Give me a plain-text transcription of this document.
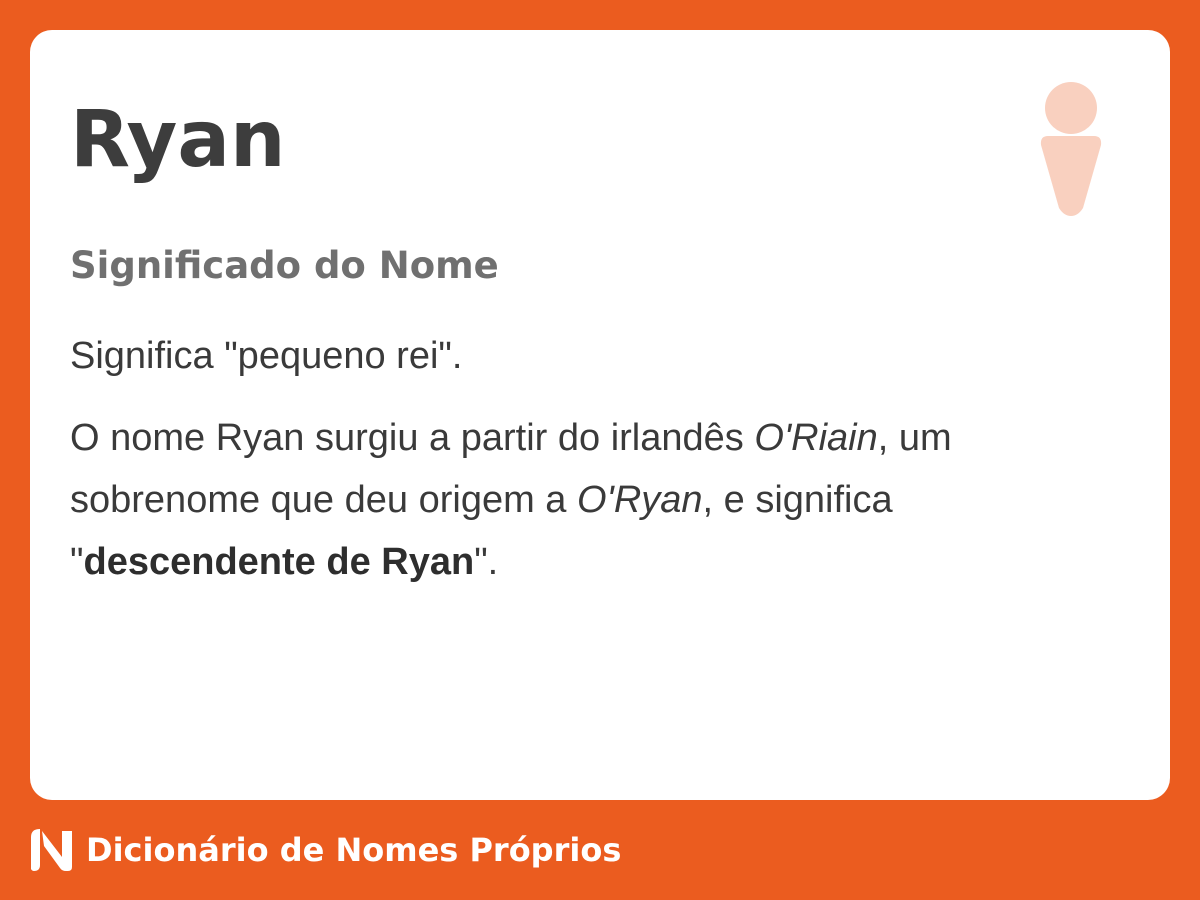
Ryan
Significado do Nome

Significa "pequeno rei".

O nome Ryan surgiu a partir do irlandês O'Riain, um sobrenome que deu origem a O'Ryan, e significa "descendente de Ryan".

Dicionário de Nomes Próprios
